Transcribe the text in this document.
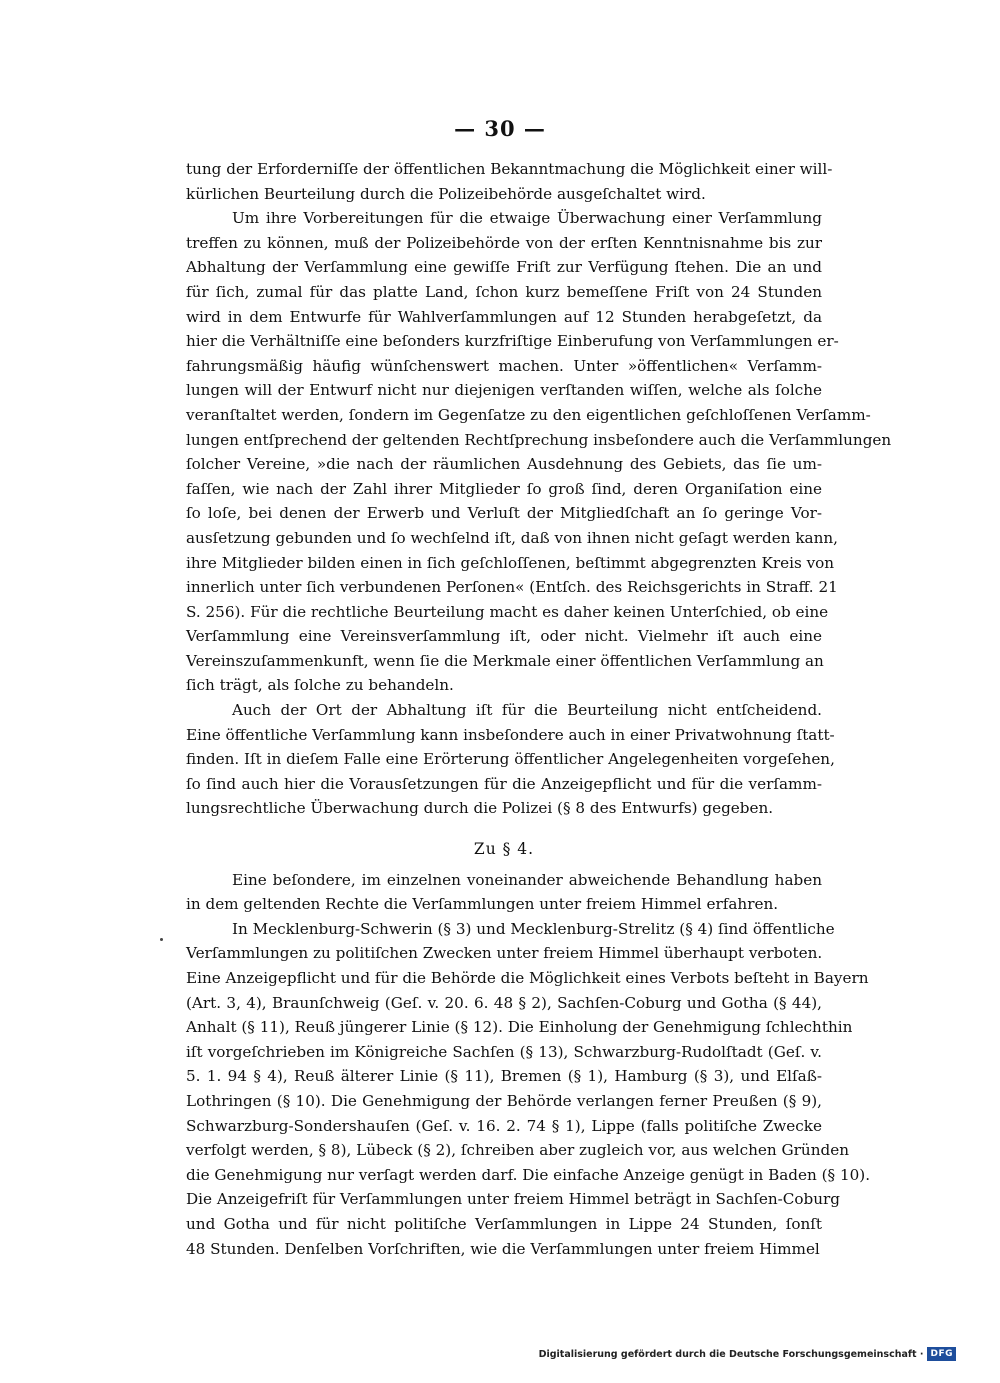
— 30 —
tung der Erforderniſſe der öffentlichen Bekanntmachung die Möglichkeit einer will-
kürlichen Beurteilung durch die Polizeibehörde ausgeſchaltet wird.
Um ihre Vorbereitungen für die etwaige Überwachung einer Verſammlung
treffen zu können, muß der Polizeibehörde von der erſten Kenntnisnahme bis zur
Abhaltung der Verſammlung eine gewiſſe Friſt zur Verfügung ſtehen. Die an und
für ſich, zumal für das platte Land, ſchon kurz bemeſſene Friſt von 24 Stunden
wird in dem Entwurfe für Wahlverſammlungen auf 12 Stunden herabgeſetzt, da
hier die Verhältniſſe eine beſonders kurzfriſtige Einberufung von Verſammlungen er-
fahrungsmäßig häufig wünſchenswert machen. Unter »öffentlichen« Verſamm-
lungen will der Entwurf nicht nur diejenigen verſtanden wiſſen, welche als ſolche
veranſtaltet werden, ſondern im Gegenſatze zu den eigentlichen geſchloſſenen Verſamm-
lungen entſprechend der geltenden Rechtſprechung insbeſondere auch die Verſammlungen
ſolcher Vereine, »die nach der räumlichen Ausdehnung des Gebiets, das ſie um-
faſſen, wie nach der Zahl ihrer Mitglieder ſo groß ſind, deren Organiſation eine
ſo loſe, bei denen der Erwerb und Verluſt der Mitgliedſchaft an ſo geringe Vor-
ausſetzung gebunden und ſo wechſelnd iſt, daß von ihnen nicht geſagt werden kann,
ihre Mitglieder bilden einen in ſich geſchloſſenen, beſtimmt abgegrenzten Kreis von
innerlich unter ſich verbundenen Perſonen« (Entſch. des Reichsgerichts in Straff. 21
S. 256). Für die rechtliche Beurteilung macht es daher keinen Unterſchied, ob eine
Verſammlung eine Vereinsverſammlung iſt, oder nicht. Vielmehr iſt auch eine
Vereinszuſammenkunft, wenn ſie die Merkmale einer öffentlichen Verſammlung an
ſich trägt, als ſolche zu behandeln.
Auch der Ort der Abhaltung iſt für die Beurteilung nicht entſcheidend.
Eine öffentliche Verſammlung kann insbeſondere auch in einer Privatwohnung ſtatt-
finden. Iſt in dieſem Falle eine Erörterung öffentlicher Angelegenheiten vorgeſehen,
ſo ſind auch hier die Vorausſetzungen für die Anzeigepflicht und für die verſamm-
lungsrechtliche Überwachung durch die Polizei (§ 8 des Entwurfs) gegeben.
Zu § 4.
Eine beſondere, im einzelnen voneinander abweichende Behandlung haben
in dem geltenden Rechte die Verſammlungen unter freiem Himmel erfahren.
In Mecklenburg-Schwerin (§ 3) und Mecklenburg-Strelitz (§ 4) ſind öffentliche
Verſammlungen zu politiſchen Zwecken unter freiem Himmel überhaupt verboten.
Eine Anzeigepflicht und für die Behörde die Möglichkeit eines Verbots beſteht in Bayern
(Art. 3, 4), Braunſchweig (Geſ. v. 20. 6. 48 § 2), Sachſen-Coburg und Gotha (§ 44),
Anhalt (§ 11), Reuß jüngerer Linie (§ 12). Die Einholung der Genehmigung ſchlechthin
iſt vorgeſchrieben im Königreiche Sachſen (§ 13), Schwarzburg-Rudolſtadt (Geſ. v.
5. 1. 94 § 4), Reuß älterer Linie (§ 11), Bremen (§ 1), Hamburg (§ 3), und Elſaß-
Lothringen (§ 10). Die Genehmigung der Behörde verlangen ferner Preußen (§ 9),
Schwarzburg-Sondershauſen (Geſ. v. 16. 2. 74 § 1), Lippe (falls politiſche Zwecke
verfolgt werden, § 8), Lübeck (§ 2), ſchreiben aber zugleich vor, aus welchen Gründen
die Genehmigung nur verſagt werden darf. Die einfache Anzeige genügt in Baden (§ 10).
Die Anzeigefriſt für Verſammlungen unter freiem Himmel beträgt in Sachſen-Coburg
und Gotha und für nicht politiſche Verſammlungen in Lippe 24 Stunden, ſonſt
48 Stunden. Denſelben Vorſchriften, wie die Verſammlungen unter freiem Himmel
Digitalisierung gefördert durch die Deutsche Forschungsgemeinschaft · DFG
